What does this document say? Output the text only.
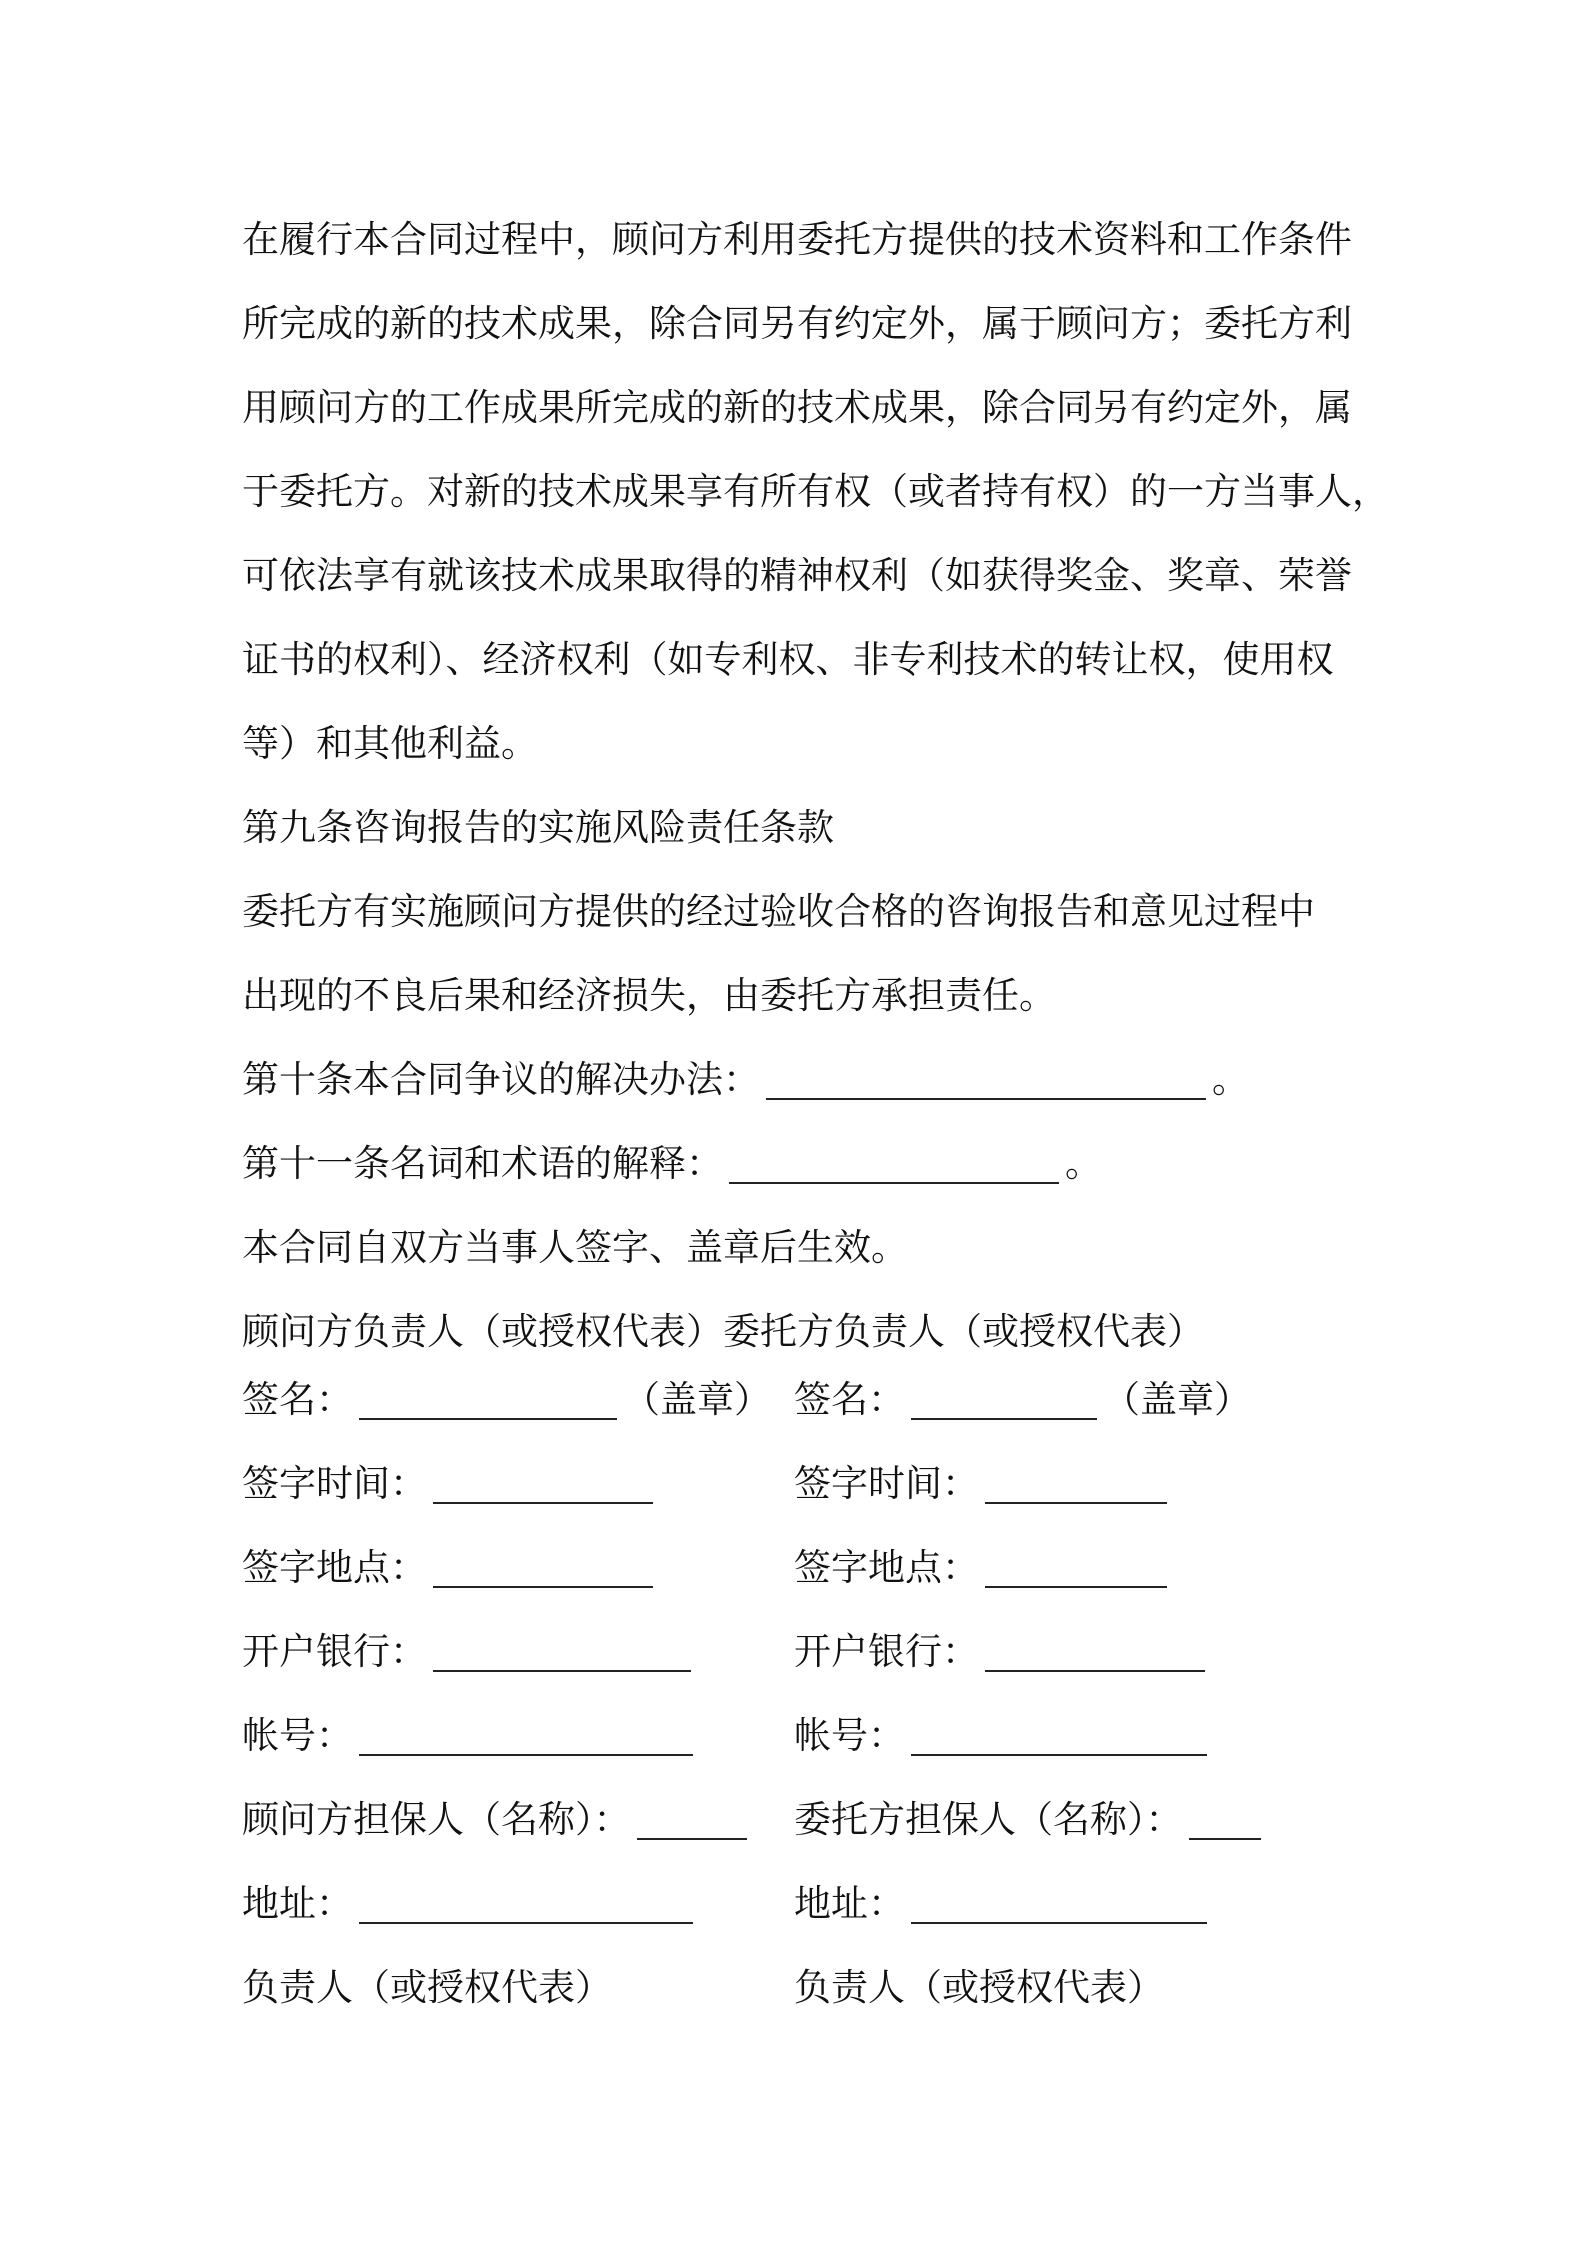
在履行本合同过程中，顾问方利用委托方提供的技术资料和工作条件
所完成的新的技术成果，除合同另有约定外，属于顾问方；委托方利
用顾问方的工作成果所完成的新的技术成果，除合同另有约定外，属
于委托方。对新的技术成果享有所有权（或者持有权）的一方当事人，
可依法享有就该技术成果取得的精神权利（如获得奖金、奖章、荣誉
证书的权利）、经济权利（如专利权、非专利技术的转让权，使用权
等）和其他利益。
第九条咨询报告的实施风险责任条款
委托方有实施顾问方提供的经过验收合格的咨询报告和意见过程中
出现的不良后果和经济损失，由委托方承担责任。
第十条本合同争议的解决办法：	。
第十一条名词和术语的解释：	。
本合同自双方当事人签字、盖章后生效。
顾问方负责人（或授权代表）委托方负责人（或授权代表）
签名：	（盖章） 签名：	（盖章）
签字时间：	签字时间：
签字地点：	签字地点：
开户银行：	开户银行：
帐号：	帐号：
顾问方担保人（名称）：	委托方担保人（名称）：
地址：	地址：
负责人（或授权代表）	负责人（或授权代表）
